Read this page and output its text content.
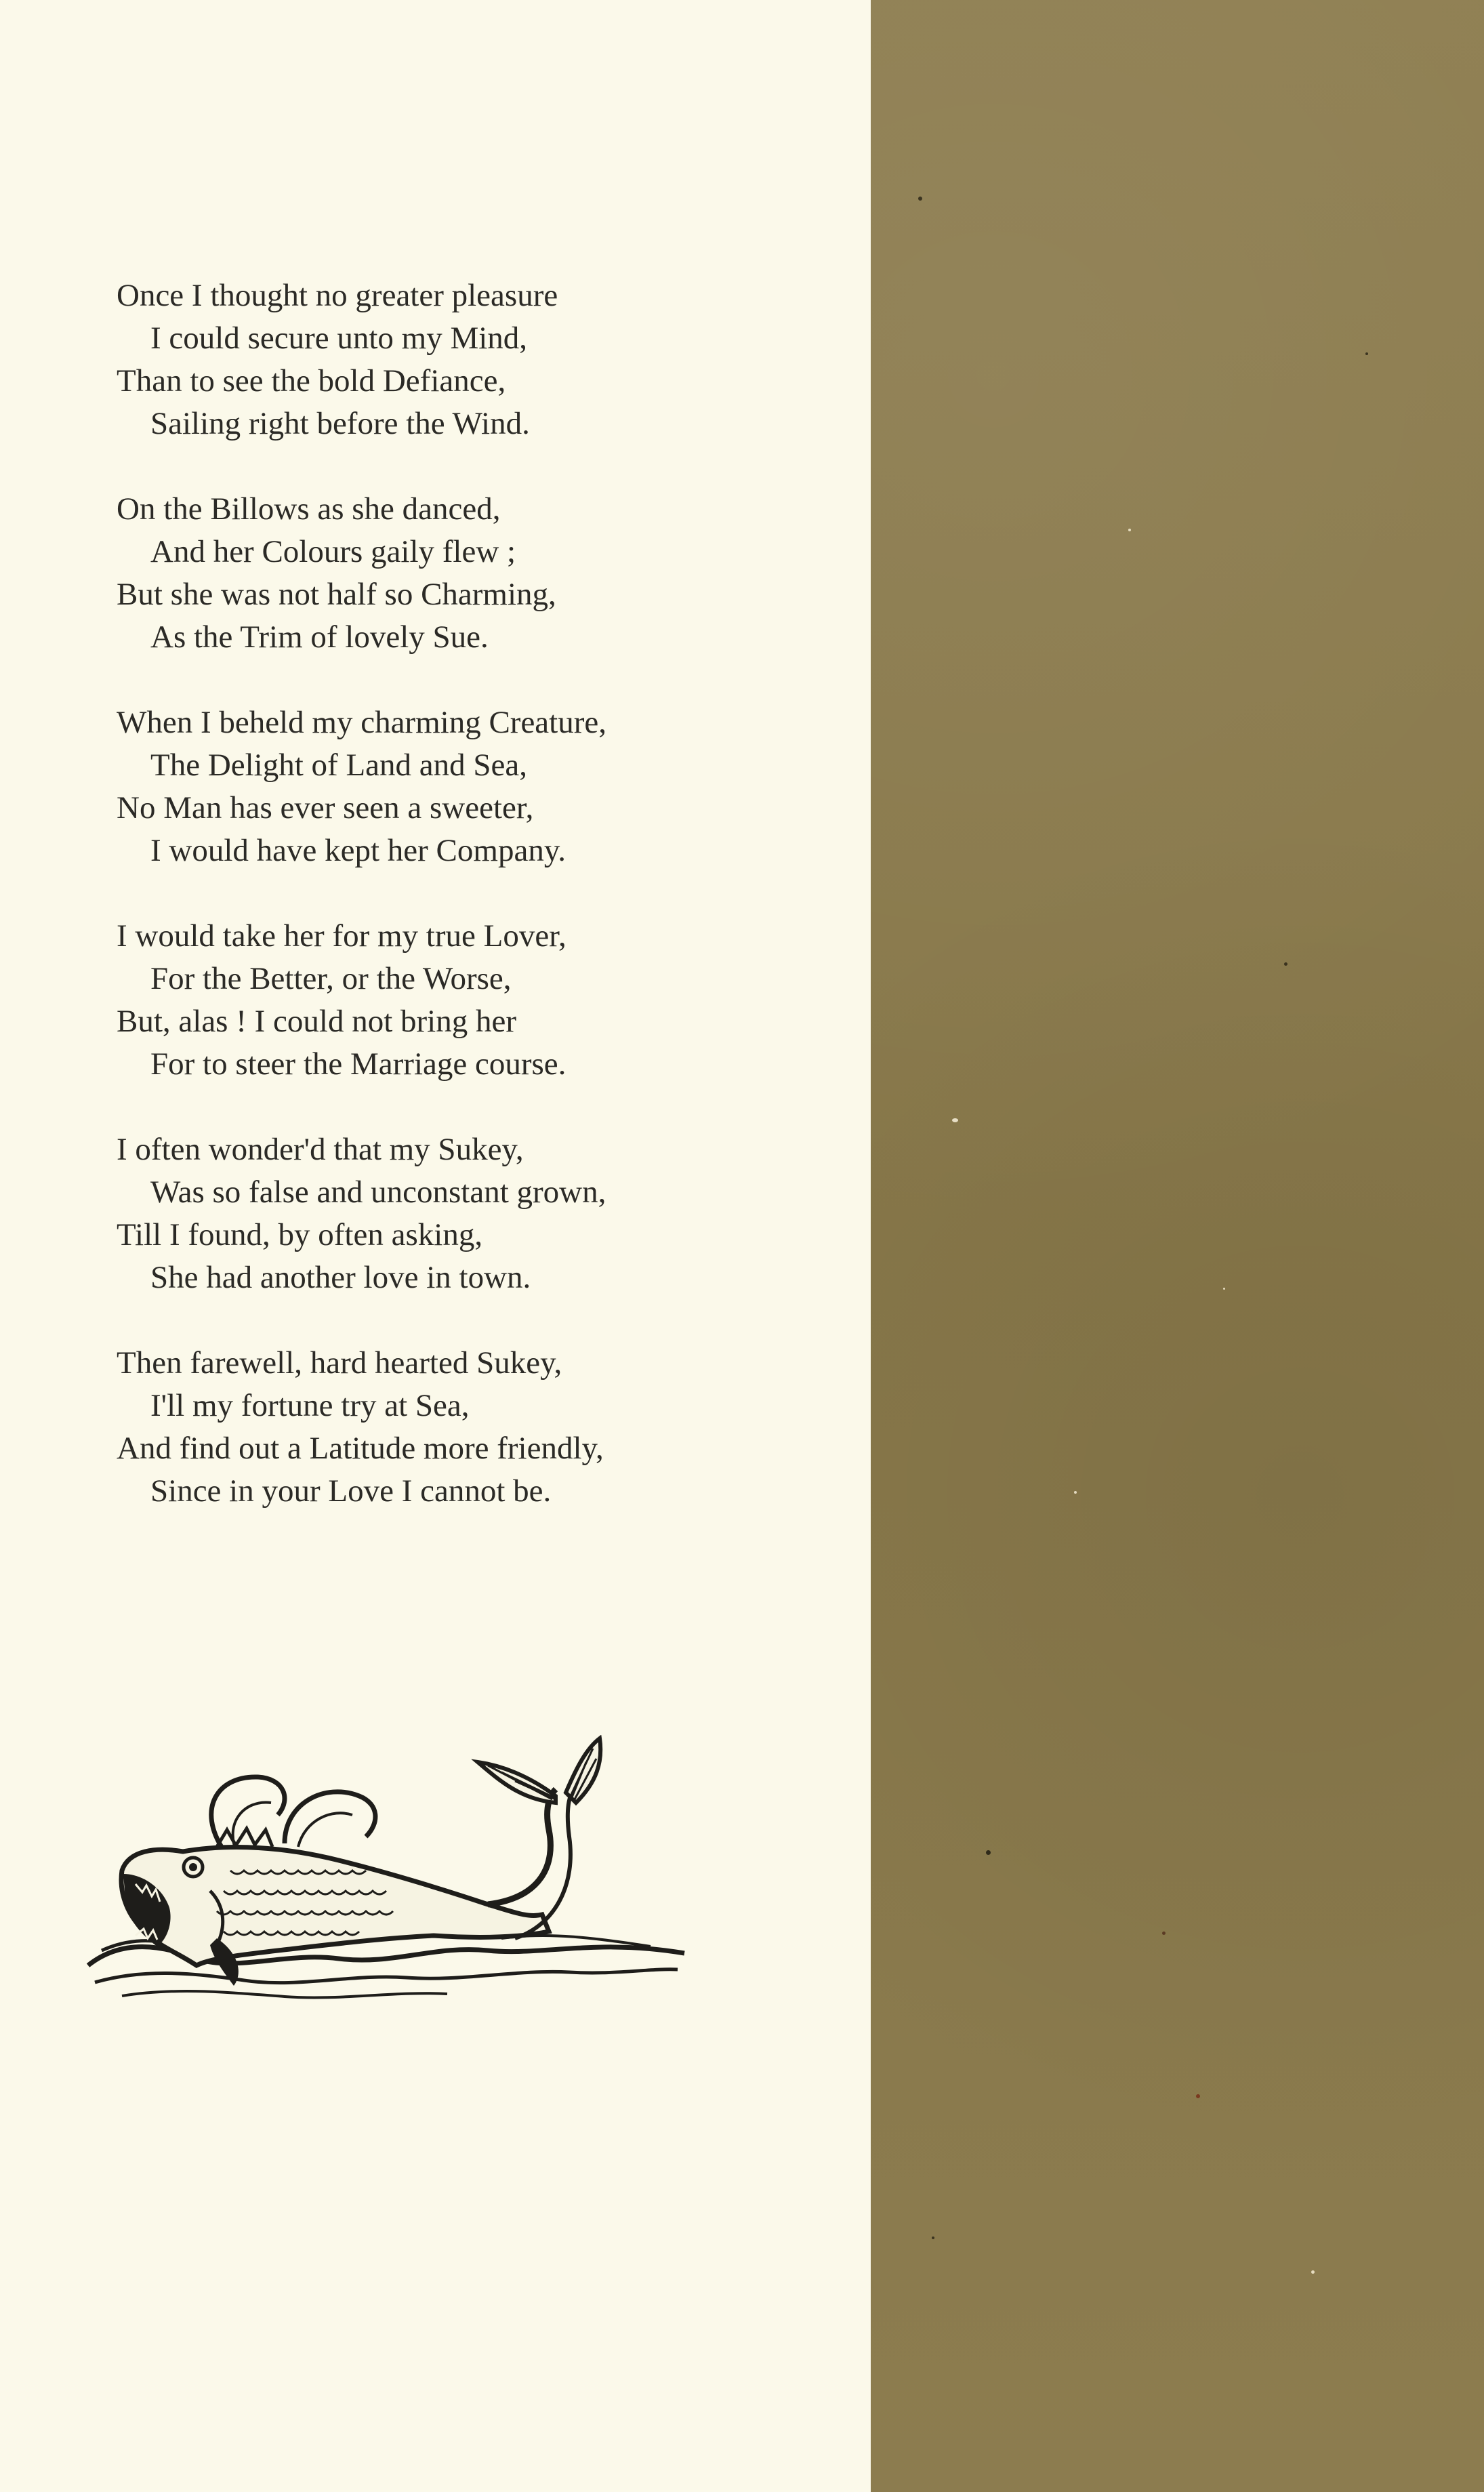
Once I thought no greater pleasure
I could secure unto my Mind,
Than to see the bold Defiance,
Sailing right before the Wind.
On the Billows as she danced,
And her Colours gaily flew ;
But she was not half so Charming,
As the Trim of lovely Sue.
When I beheld my charming Creature,
The Delight of Land and Sea,
No Man has ever seen a sweeter,
I would have kept her Company.
I would take her for my true Lover,
For the Better, or the Worse,
But, alas ! I could not bring her
For to steer the Marriage course.
I often wonder'd that my Sukey,
Was so false and unconstant grown,
Till I found, by often asking,
She had another love in town.
Then farewell, hard hearted Sukey,
I'll my fortune try at Sea,
And find out a Latitude more friendly,
Since in your Love I cannot be.
